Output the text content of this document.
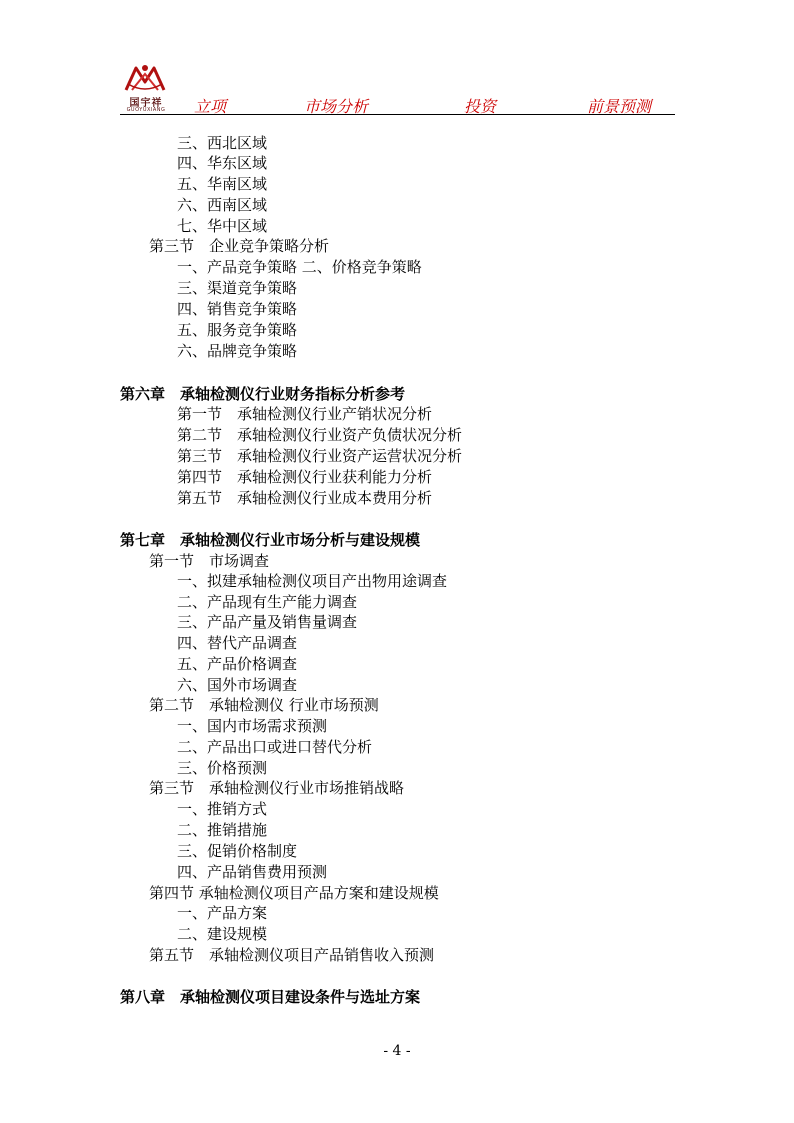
国宇祥
GUOYUXIANG	立项	市场分析	投资	前景预测
三、西北区域
四、华东区域
五、华南区域
六、西南区域
七、华中区域
第三节　企业竞争策略分析
一、产品竞争策略 二、价格竞争策略
三、渠道竞争策略
四、销售竞争策略
五、服务竞争策略
六、品牌竞争策略
第六章　承轴检测仪行业财务指标分析参考
第一节　承轴检测仪行业产销状况分析
第二节　承轴检测仪行业资产负债状况分析
第三节　承轴检测仪行业资产运营状况分析
第四节　承轴检测仪行业获利能力分析
第五节　承轴检测仪行业成本费用分析
第七章　承轴检测仪行业市场分析与建设规模
第一节　市场调查
一、拟建承轴检测仪项目产出物用途调查
二、产品现有生产能力调查
三、产品产量及销售量调查
四、替代产品调查
五、产品价格调查
六、国外市场调查
第二节　承轴检测仪 行业市场预测
一、国内市场需求预测
二、产品出口或进口替代分析
三、价格预测
第三节　承轴检测仪行业市场推销战略
一、推销方式
二、推销措施
三、促销价格制度
四、产品销售费用预测
第四节 承轴检测仪项目产品方案和建设规模
一、产品方案
二、建设规模
第五节　承轴检测仪项目产品销售收入预测
第八章　承轴检测仪项目建设条件与选址方案
- 4 -
